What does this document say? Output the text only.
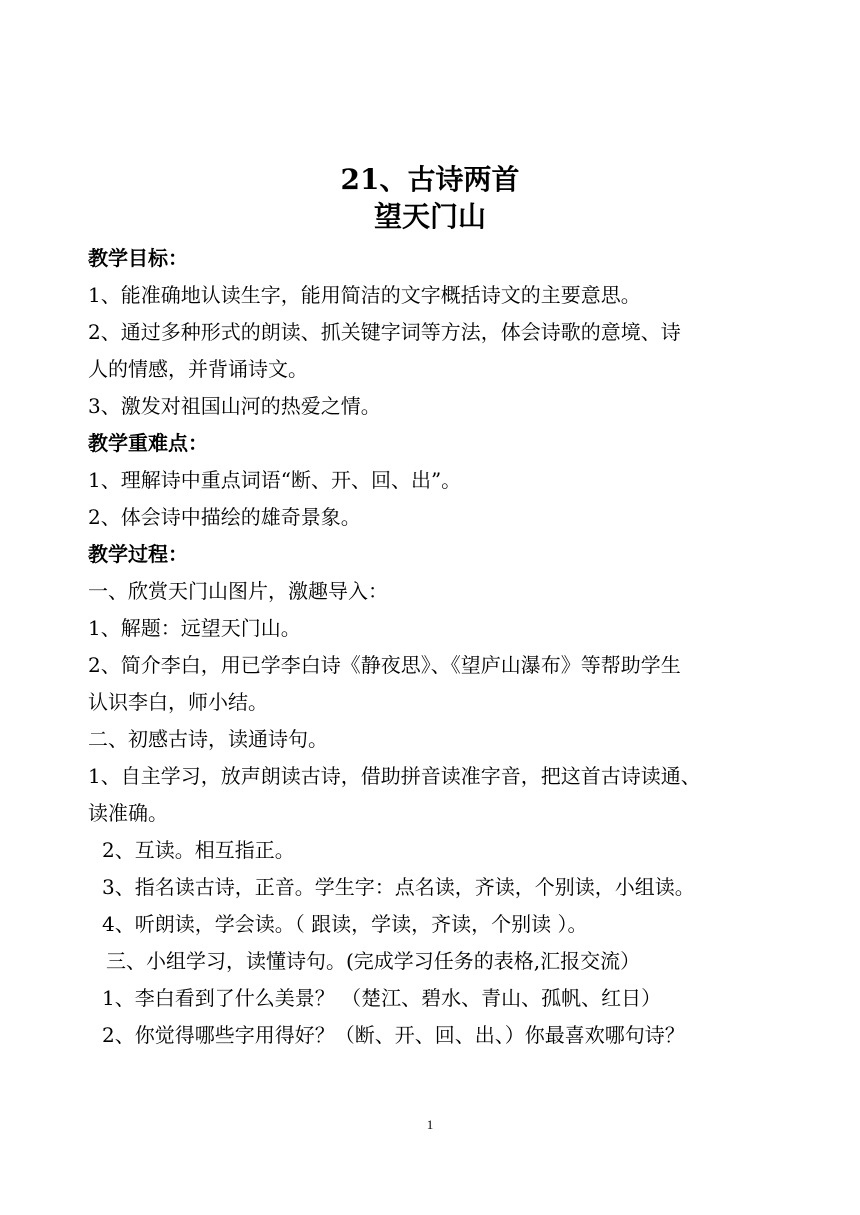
21、古诗两首
望天门山
教学目标：
1、能准确地认读生字，能用简洁的文字概括诗文的主要意思。
2、通过多种形式的朗读、抓关键字词等方法，体会诗歌的意境、诗
人的情感，并背诵诗文。
3、激发对祖国山河的热爱之情。
教学重难点：
1、理解诗中重点词语“断、开、回、出”。
2、体会诗中描绘的雄奇景象。
教学过程：
一、欣赏天门山图片，激趣导入：
1、解题：远望天门山。
2、简介李白，用已学李白诗《静夜思》、《望庐山瀑布》等帮助学生
认识李白，师小结。
二、初感古诗，读通诗句。
1、自主学习，放声朗读古诗，借助拼音读准字音，把这首古诗读通、
读准确。
2、互读。相互指正。
3、指名读古诗，正音。学生字：点名读，齐读，个别读，小组读。
4、听朗读，学会读。（ 跟读，学读，齐读，个别读 ）。
三、小组学习，读懂诗句。(完成学习任务的表格,汇报交流）
1、李白看到了什么美景？ （楚江、碧水、青山、孤帆、红日）
2、你觉得哪些字用得好？（断、开、回、出、）你最喜欢哪句诗？
1
